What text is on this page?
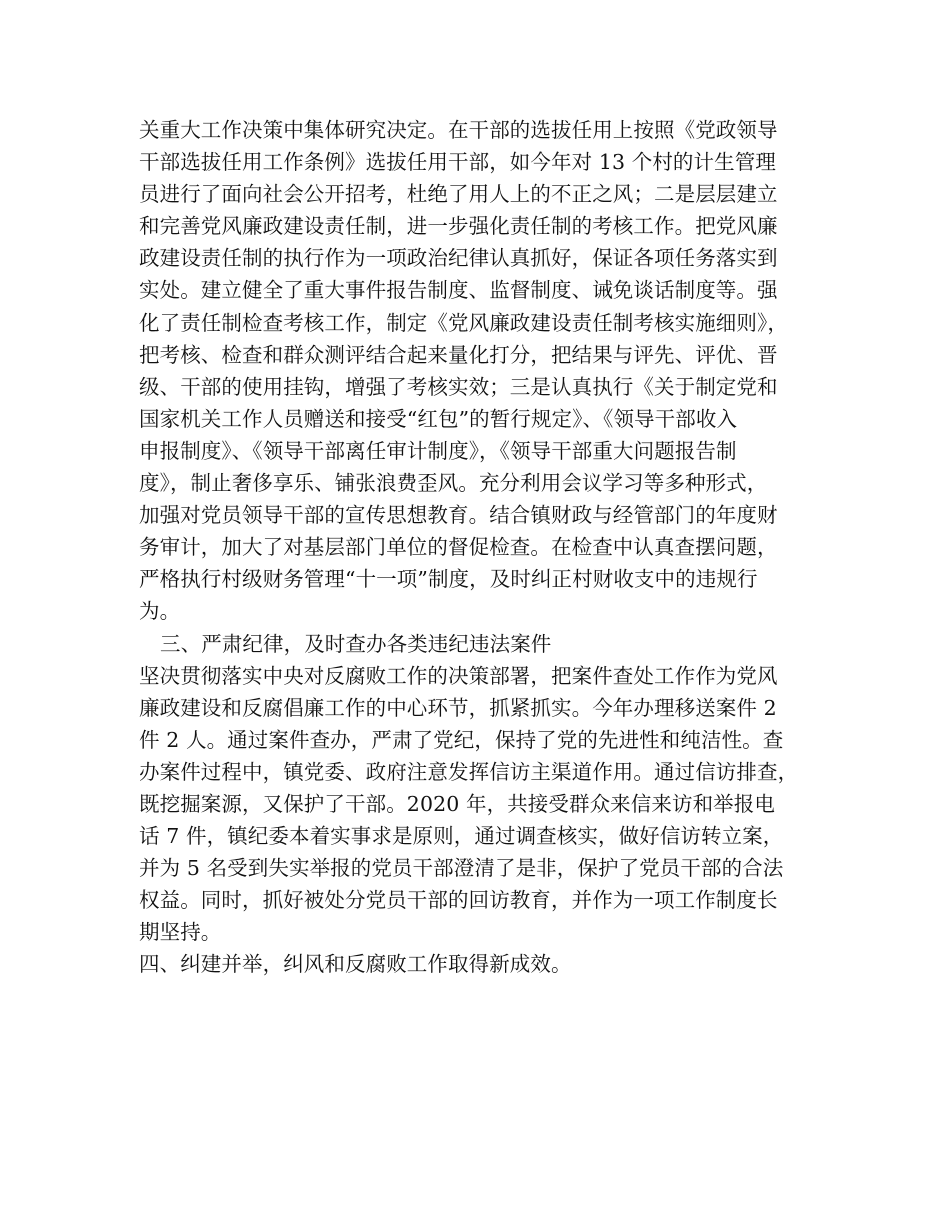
关重大工作决策中集体研究决定。在干部的选拔任用上按照《党政领导
干部选拔任用工作条例》选拔任用干部，如今年对 13 个村的计生管理
员进行了面向社会公开招考，杜绝了用人上的不正之风；二是层层建立
和完善党风廉政建设责任制，进一步强化责任制的考核工作。把党风廉
政建设责任制的执行作为一项政治纪律认真抓好，保证各项任务落实到
实处。建立健全了重大事件报告制度、监督制度、诫免谈话制度等。强
化了责任制检查考核工作，制定《党风廉政建设责任制考核实施细则》，
把考核、检查和群众测评结合起来量化打分，把结果与评先、评优、晋
级、干部的使用挂钩，增强了考核实效；三是认真执行《关于制定党和
国家机关工作人员赠送和接受“红包”的暂行规定》、《领导干部收入
申报制度》、《领导干部离任审计制度》，《领导干部重大问题报告制
度》，制止奢侈享乐、铺张浪费歪风。充分利用会议学习等多种形式，
加强对党员领导干部的宣传思想教育。结合镇财政与经管部门的年度财
务审计，加大了对基层部门单位的督促检查。在检查中认真查摆问题，
严格执行村级财务管理“十一项”制度，及时纠正村财收支中的违规行
为。
三、严肃纪律，及时查办各类违纪违法案件
坚决贯彻落实中央对反腐败工作的决策部署，把案件查处工作作为党风
廉政建设和反腐倡廉工作的中心环节，抓紧抓实。今年办理移送案件 2
件 2 人。通过案件查办，严肃了党纪，保持了党的先进性和纯洁性。查
办案件过程中，镇党委、政府注意发挥信访主渠道作用。通过信访排查，
既挖掘案源，又保护了干部。2020 年，共接受群众来信来访和举报电
话 7 件，镇纪委本着实事求是原则，通过调查核实，做好信访转立案，
并为 5 名受到失实举报的党员干部澄清了是非，保护了党员干部的合法
权益。同时，抓好被处分党员干部的回访教育，并作为一项工作制度长
期坚持。
四、纠建并举，纠风和反腐败工作取得新成效。
